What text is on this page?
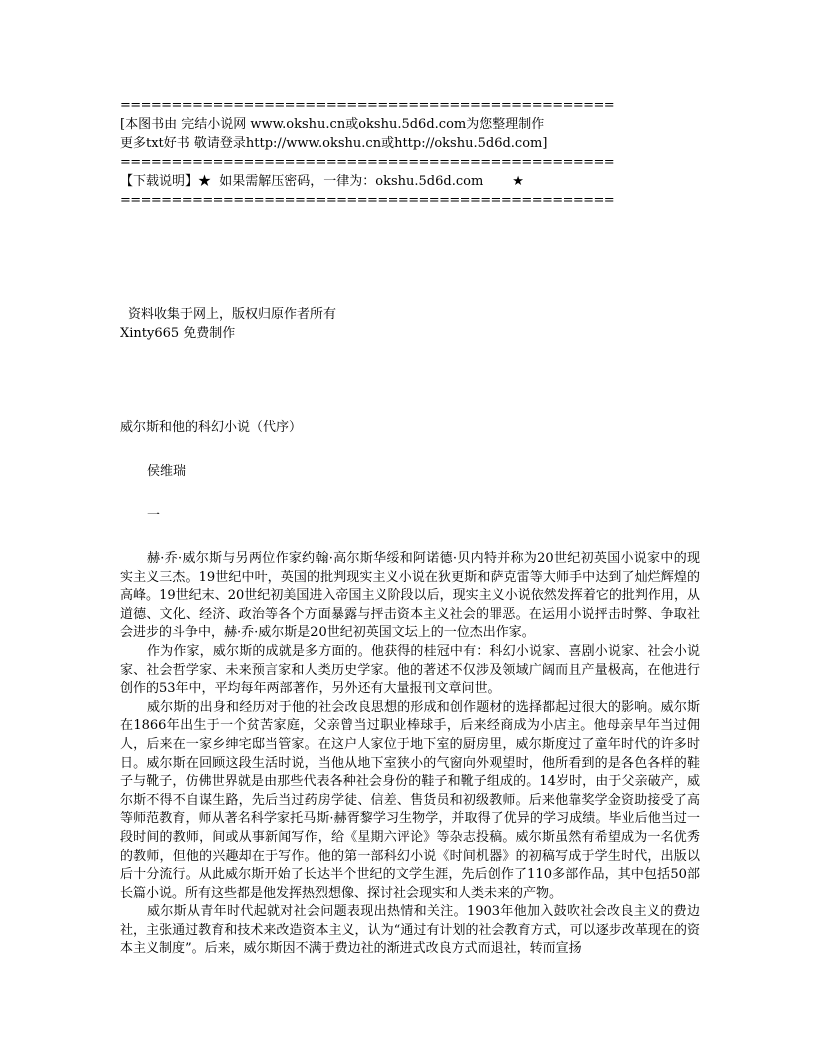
================================================

[本图书由 完结小说网 www.okshu.cn或okshu.5d6d.com为您整理制作

更多txt好书 敬请登录http://www.okshu.cn或http://okshu.5d6d.com]

================================================

【下载说明】★  如果需解压密码，一律为：okshu.5d6d.com       ★

================================================

资料收集于网上，版权归原作者所有

Xinty665 免费制作

威尔斯和他的科幻小说（代序）

侯维瑞

一

赫·乔·威尔斯与另两位作家约翰·高尔斯华绥和阿诺德·贝内特并称为20世纪初英国小说家中的现实主义三杰。19世纪中叶，英国的批判现实主义小说在狄更斯和萨克雷等大师手中达到了灿烂辉煌的高峰。19世纪末、20世纪初美国进入帝国主义阶段以后，现实主义小说依然发挥着它的批判作用，从道德、文化、经济、政治等各个方面暴露与抨击资本主义社会的罪恶。在运用小说抨击时弊、争取社会进步的斗争中，赫·乔·威尔斯是20世纪初英国文坛上的一位杰出作家。

作为作家，威尔斯的成就是多方面的。他获得的桂冠中有：科幻小说家、喜剧小说家、社会小说家、社会哲学家、未来预言家和人类历史学家。他的著述不仅涉及领域广阔而且产量极高，在他进行创作的53年中，平均每年两部著作，另外还有大量报刊文章问世。

威尔斯的出身和经历对于他的社会改良思想的形成和创作题材的选择都起过很大的影响。威尔斯在1866年出生于一个贫苦家庭，父亲曾当过职业棒球手，后来经商成为小店主。他母亲早年当过佣人，后来在一家乡绅宅邸当管家。在这户人家位于地下室的厨房里，威尔斯度过了童年时代的许多时日。威尔斯在回顾这段生活时说，当他从地下室狭小的气窗向外观望时，他所看到的是各色各样的鞋子与靴子，仿佛世界就是由那些代表各种社会身份的鞋子和靴子组成的。14岁时，由于父亲破产，威尔斯不得不自谋生路，先后当过药房学徒、信差、售货员和初级教师。后来他靠奖学金资助接受了高等师范教育，师从著名科学家托马斯·赫胥黎学习生物学，并取得了优异的学习成绩。毕业后他当过一段时间的教师，间或从事新闻写作，给《星期六评论》等杂志投稿。威尔斯虽然有希望成为一名优秀的教师，但他的兴趣却在于写作。他的第一部科幻小说《时间机器》的初稿写成于学生时代，出版以后十分流行。从此威尔斯开始了长达半个世纪的文学生涯，先后创作了110多部作品，其中包括50部长篇小说。所有这些都是他发挥热烈想像、探讨社会现实和人类未来的产物。

威尔斯从青年时代起就对社会问题表现出热情和关注。1903年他加入鼓吹社会改良主义的费边社，主张通过教育和技术来改造资本主义，认为“通过有计划的社会教育方式，可以逐步改革现在的资本主义制度”。后来，威尔斯因不满于费边社的渐进式改良方式而退社，转而宣扬
